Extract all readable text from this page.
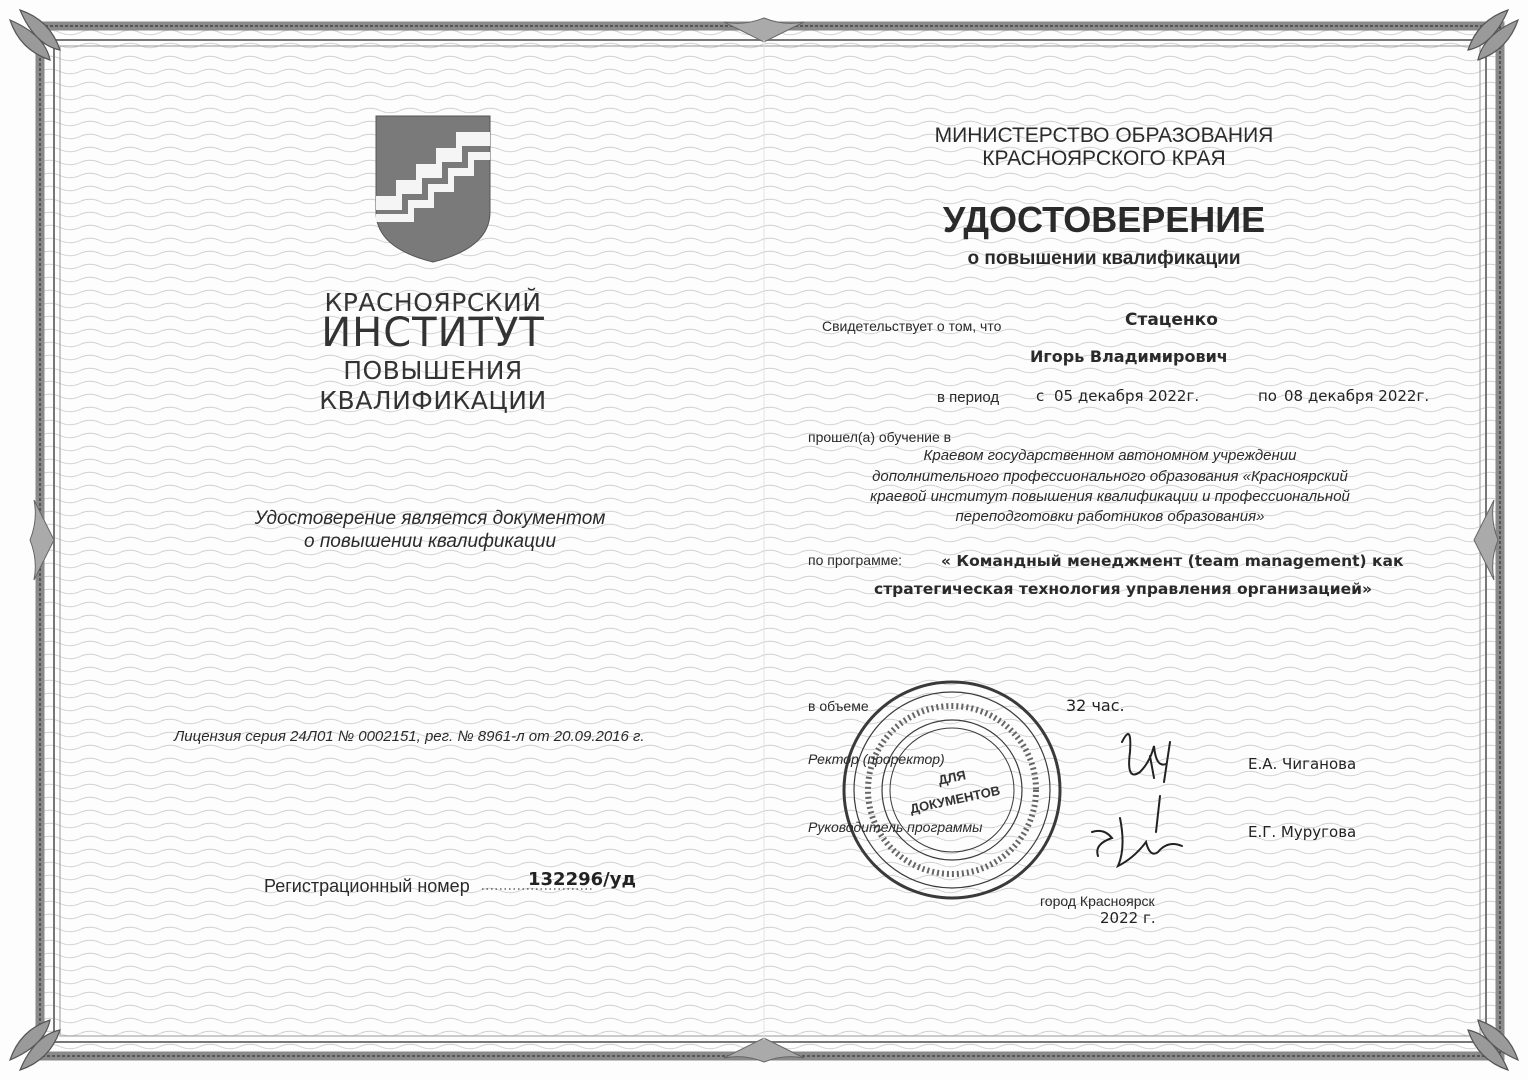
КРАСНОЯРСКИЙ
ИНСТИТУТ
ПОВЫШЕНИЯ
КВАЛИФИКАЦИИ
Удостоверение является документом
о повышении квалификации
Лицензия серия 24Л01 № 0002151, рег. № 8961-л от 20.09.2016 г.
Регистрационный номер	132296/уд
МИНИСТЕРСТВО ОБРАЗОВАНИЯ
КРАСНОЯРСКОГО КРАЯ
УДОСТОВЕРЕНИЕ
о повышении квалификации
Свидетельствует о том, что	Стаценко
Игорь Владимирович
в период с 05 декабря 2022г.	по 08 декабря 2022г.
прошел(а) обучение в
Краевом государственном автономном учреждении
дополнительного профессионального образования «Красноярский
краевой институт повышения квалификации и профессиональной
переподготовки работников образования»
по программе:	« Командный менеджмент (team management) как
стратегическая технология управления организацией»
в объеме	32 час.
Ректор (проректор)	Е.А. Чиганова
Руководитель программы	Е.Г. Муругова
город Красноярск
2022 г.
ДЛЯ
ДОКУМЕНТОВ
